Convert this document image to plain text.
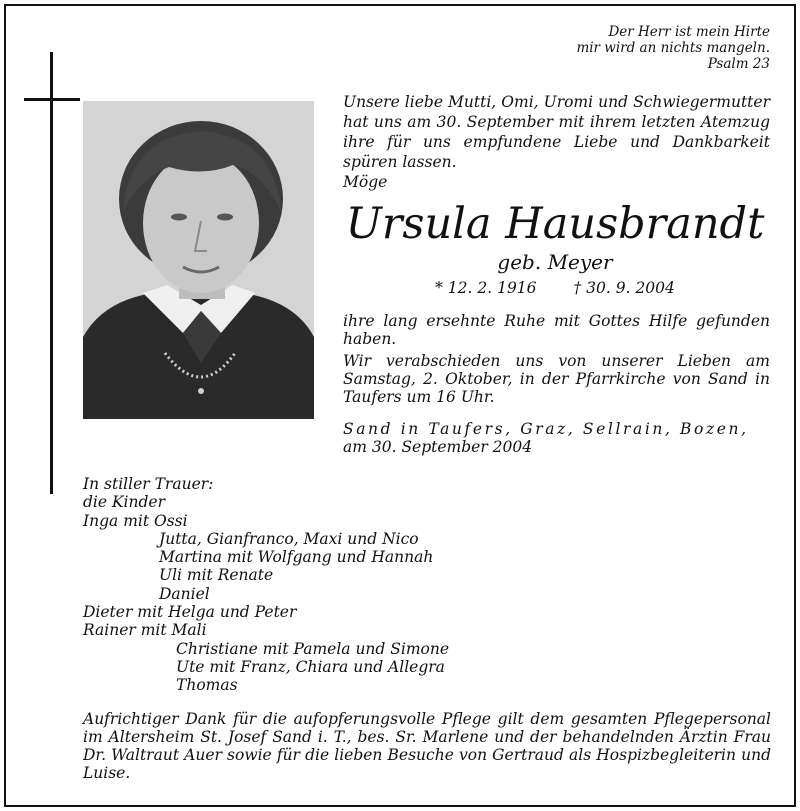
Der Herr ist mein Hirte
mir wird an nichts mangeln.
Psalm 23

Unsere liebe Mutti, Omi, Uromi und Schwiegermutter hat uns am 30. September mit ihrem letzten Atemzug ihre für uns empfundene Liebe und Dankbarkeit spüren lassen.

Möge

Ursula Hausbrandt
geb. Meyer
* 12. 2. 1916 † 30. 9. 2004

ihre lang ersehnte Ruhe mit Gottes Hilfe gefunden haben.

Wir verabschieden uns von unserer Lieben am Samstag, 2. Oktober, in der Pfarrkirche von Sand in Taufers um 16 Uhr.

Sand in Taufers, Graz, Sellrain, Bozen,
am 30. September 2004
In stiller Trauer:
die Kinder
Inga mit Ossi
Jutta, Gianfranco, Maxi und Nico
Martina mit Wolfgang und Hannah
Uli mit Renate
Daniel
Dieter mit Helga und Peter
Rainer mit Mali
Christiane mit Pamela und Simone
Ute mit Franz, Chiara und Allegra
Thomas
Aufrichtiger Dank für die aufopferungsvolle Pflege gilt dem gesamten Pflegepersonal im Altersheim St. Josef Sand i. T., bes. Sr. Marlene und der behandelnden Ärztin Frau Dr. Waltraut Auer sowie für die lieben Besuche von Gertraud als Hospizbegleiterin und Luise.
